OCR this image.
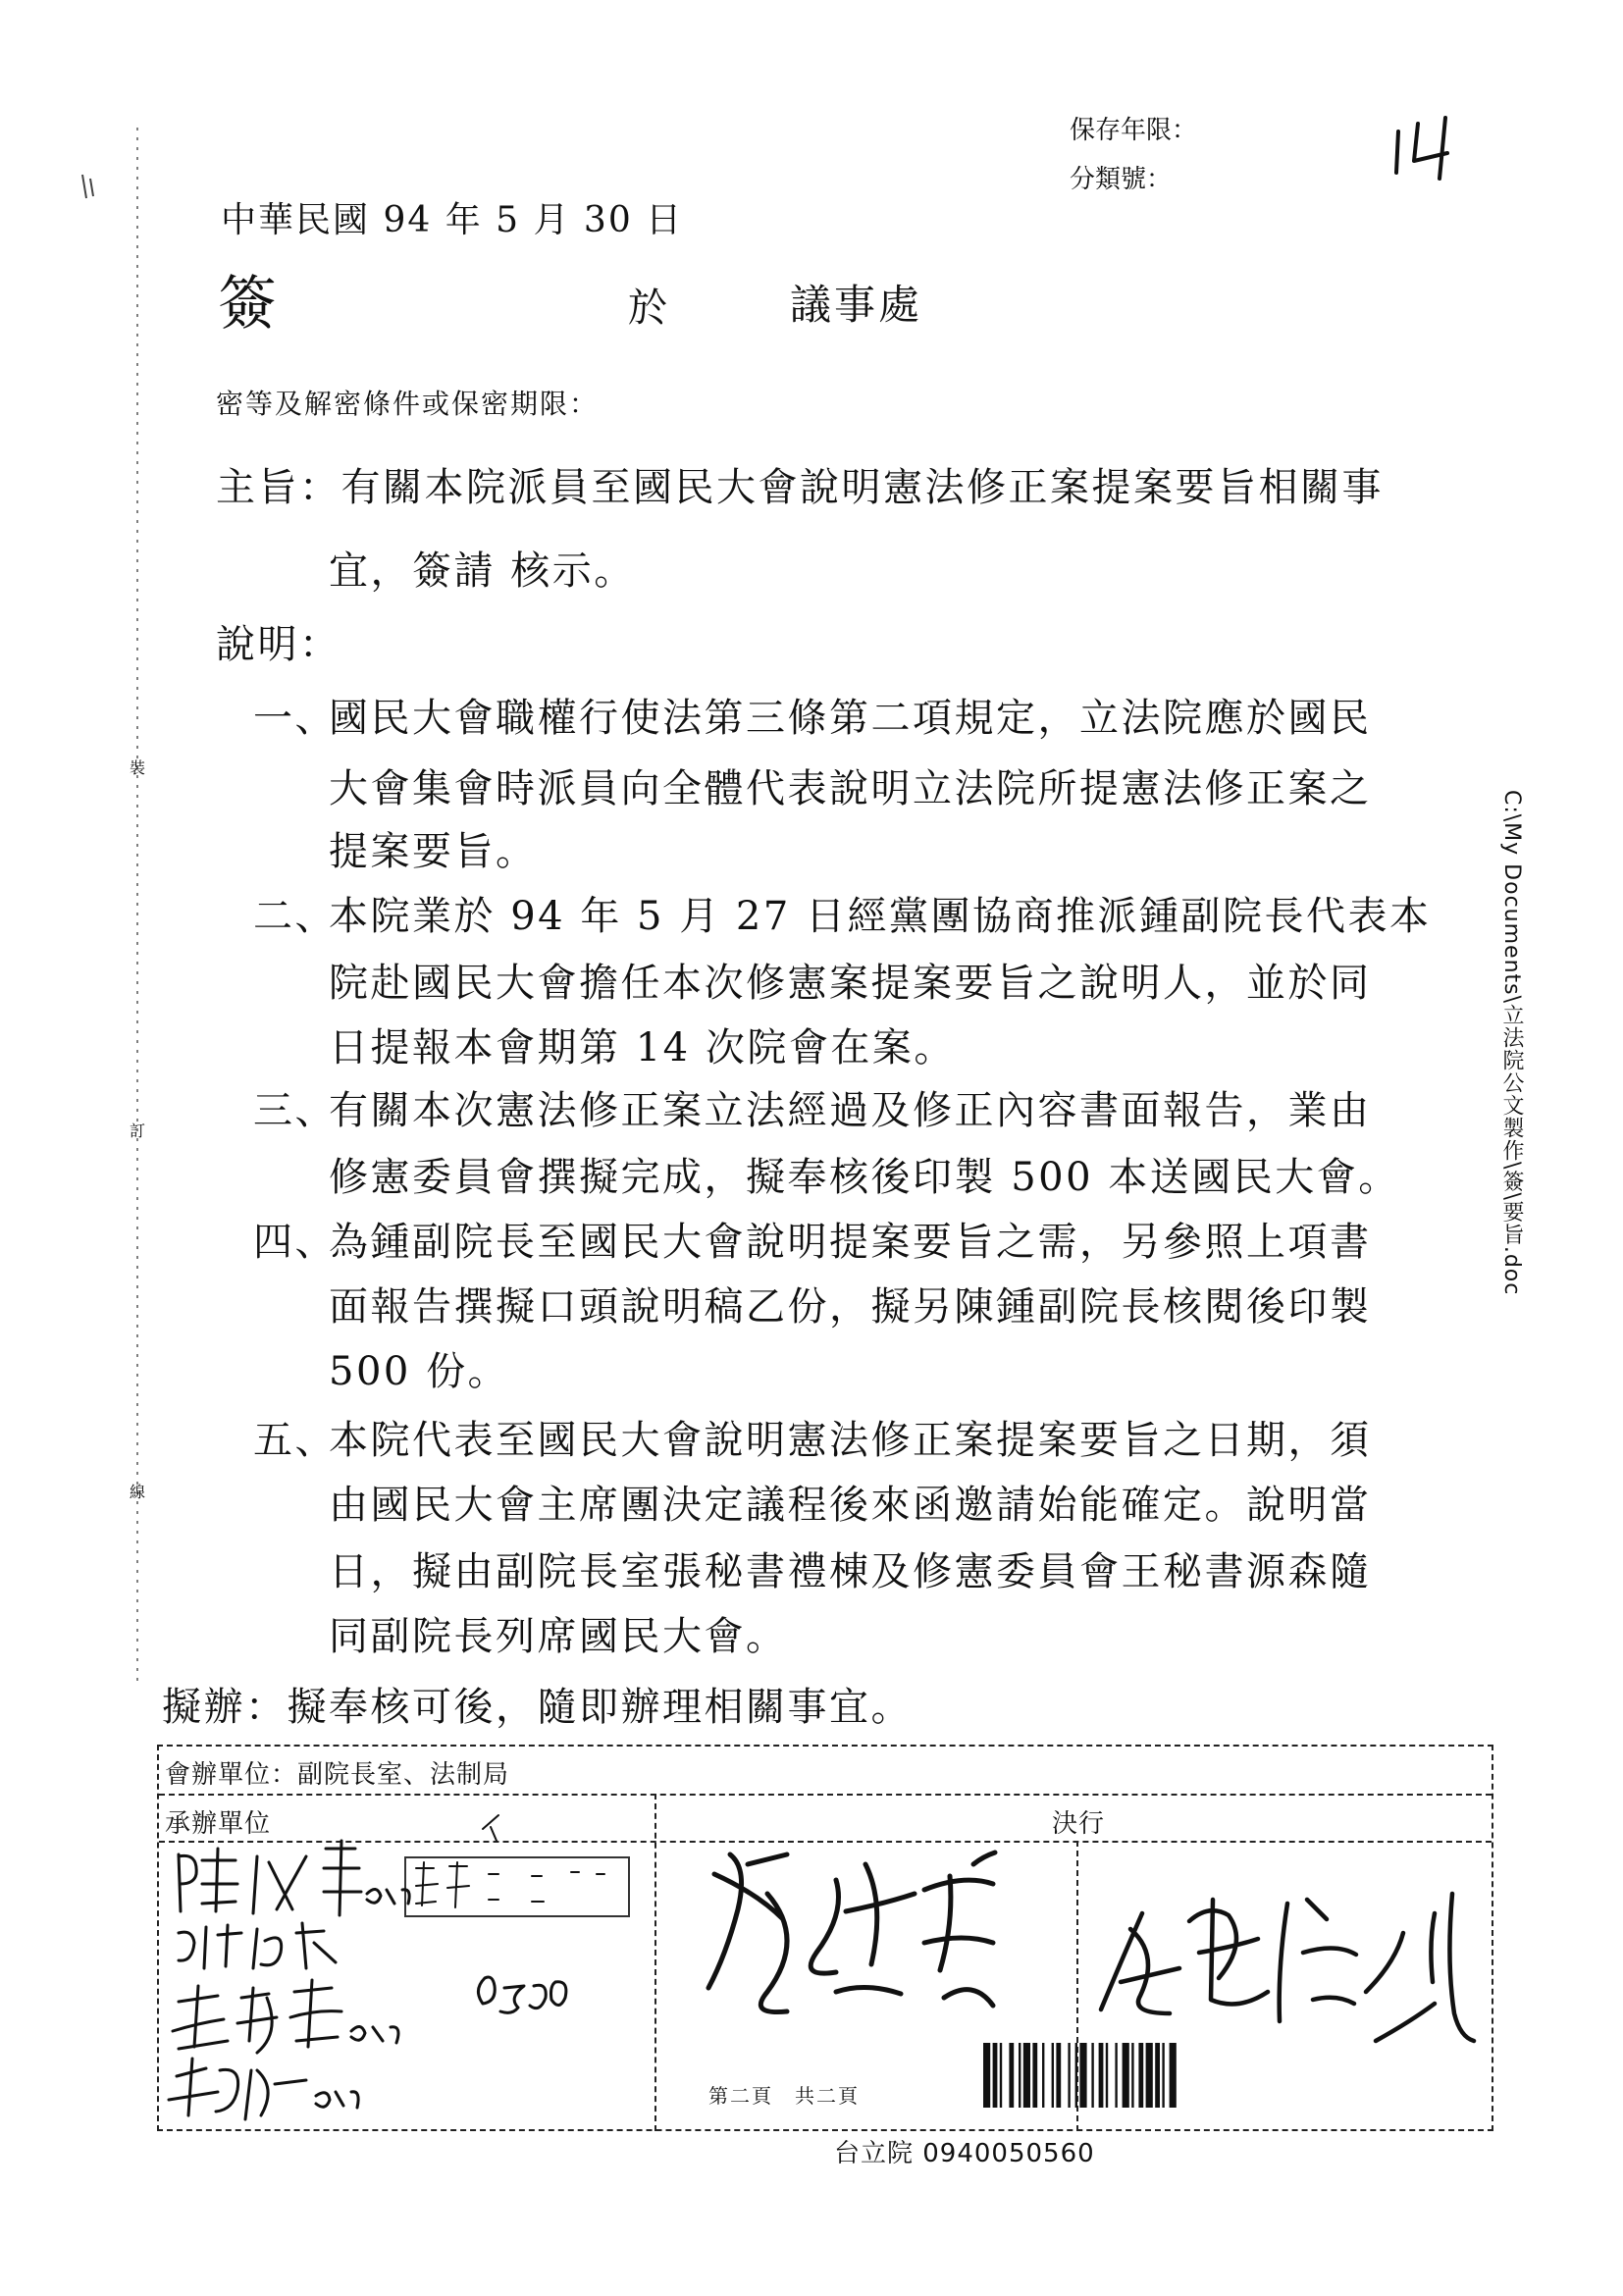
裝
訂
線
保存年限：
分類號：
中華民國 94 年 5 月 30 日
簽	於	議事處
密等及解密條件或保密期限：
主旨：有關本院派員至國民大會說明憲法修正案提案要旨相關事
宜，簽請 核示。
說明：
一、
國民大會職權行使法第三條第二項規定，立法院應於國民
大會集會時派員向全體代表說明立法院所提憲法修正案之
提案要旨。
二、
本院業於 94 年 5 月 27 日經黨團協商推派鍾副院長代表本
院赴國民大會擔任本次修憲案提案要旨之說明人，並於同
日提報本會期第 14 次院會在案。
三、
有關本次憲法修正案立法經過及修正內容書面報告，業由
修憲委員會撰擬完成，擬奉核後印製 500 本送國民大會。
四、
為鍾副院長至國民大會說明提案要旨之需，另參照上項書
面報告撰擬口頭說明稿乙份，擬另陳鍾副院長核閱後印製
500 份。
五、
本院代表至國民大會說明憲法修正案提案要旨之日期，須
由國民大會主席團決定議程後來函邀請始能確定。說明當
日，擬由副院長室張秘書禮棟及修憲委員會王秘書源森隨
同副院長列席國民大會。
擬辦：擬奉核可後，隨即辦理相關事宜。
C:\My Documents\立法院公文製作\簽\要旨.doc
會辦單位：副院長室、法制局
承辦單位	決行
第二頁　共二頁
台立院 0940050560
